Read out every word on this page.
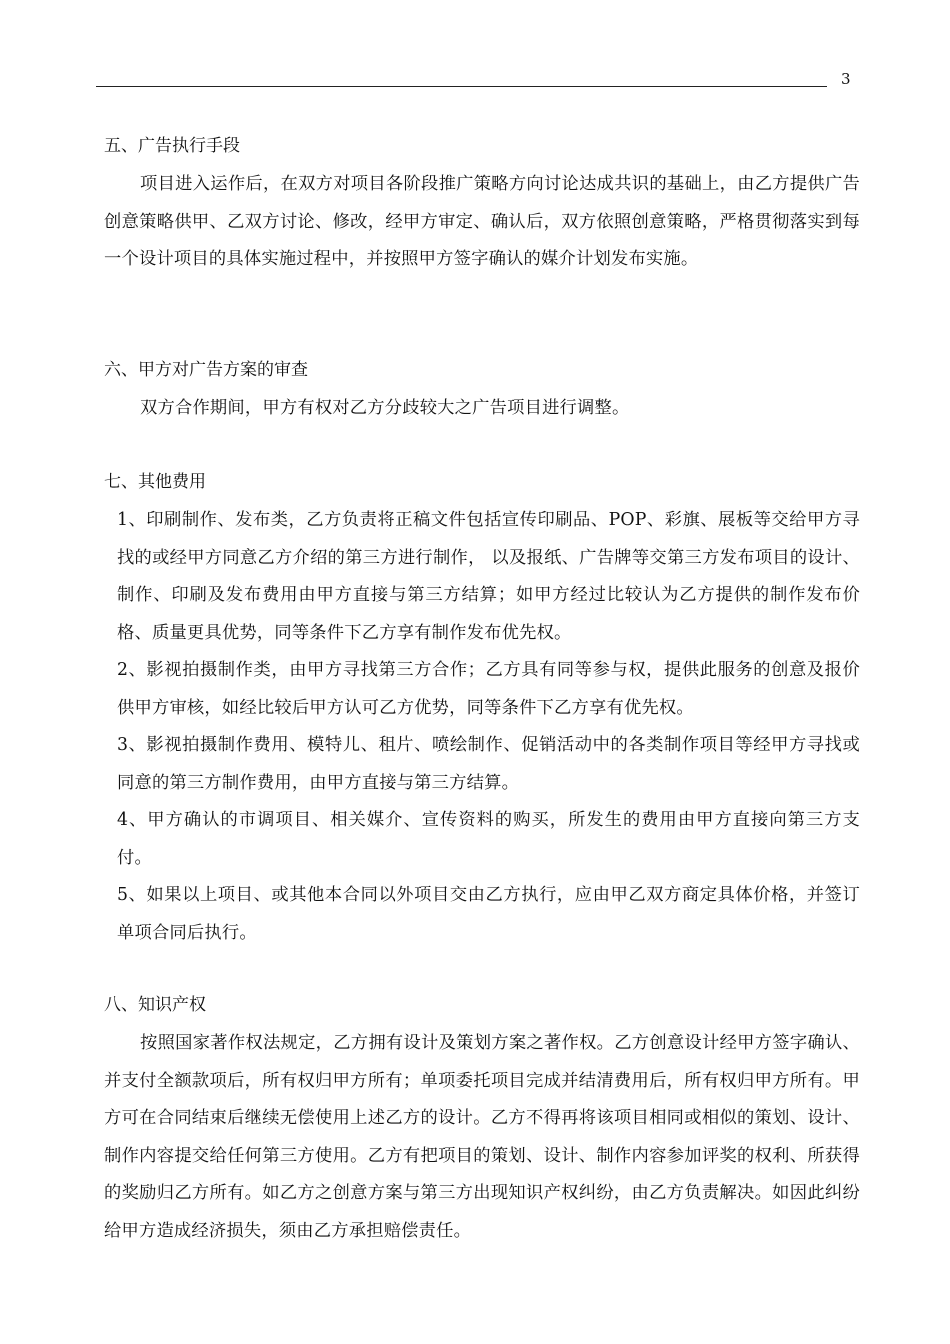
3

五、广告执行手段

项目进入运作后，在双方对项目各阶段推广策略方向讨论达成共识的基础上，由乙方提供广告创意策略供甲、乙双方讨论、修改，经甲方审定、确认后，双方依照创意策略，严格贯彻落实到每一个设计项目的具体实施过程中，并按照甲方签字确认的媒介计划发布实施。

六、甲方对广告方案的审查

双方合作期间，甲方有权对乙方分歧较大之广告项目进行调整。

七、其他费用

1、印刷制作、发布类，乙方负责将正稿文件包括宣传印刷品、POP、彩旗、展板等交给甲方寻找的或经甲方同意乙方介绍的第三方进行制作， 以及报纸、广告牌等交第三方发布项目的设计、制作、印刷及发布费用由甲方直接与第三方结算；如甲方经过比较认为乙方提供的制作发布价格、质量更具优势，同等条件下乙方享有制作发布优先权。

2、影视拍摄制作类，由甲方寻找第三方合作；乙方具有同等参与权，提供此服务的创意及报价供甲方审核，如经比较后甲方认可乙方优势，同等条件下乙方享有优先权。

3、影视拍摄制作费用、模特儿、租片、喷绘制作、促销活动中的各类制作项目等经甲方寻找或同意的第三方制作费用，由甲方直接与第三方结算。

4、甲方确认的市调项目、相关媒介、宣传资料的购买，所发生的费用由甲方直接向第三方支付。

5、如果以上项目、或其他本合同以外项目交由乙方执行，应由甲乙双方商定具体价格，并签订单项合同后执行。

八、知识产权

按照国家著作权法规定，乙方拥有设计及策划方案之著作权。乙方创意设计经甲方签字确认、并支付全额款项后，所有权归甲方所有；单项委托项目完成并结清费用后，所有权归甲方所有。甲方可在合同结束后继续无偿使用上述乙方的设计。乙方不得再将该项目相同或相似的策划、设计、制作内容提交给任何第三方使用。乙方有把项目的策划、设计、制作内容参加评奖的权利、所获得的奖励归乙方所有。如乙方之创意方案与第三方出现知识产权纠纷，由乙方负责解决。如因此纠纷给甲方造成经济损失，须由乙方承担赔偿责任。
